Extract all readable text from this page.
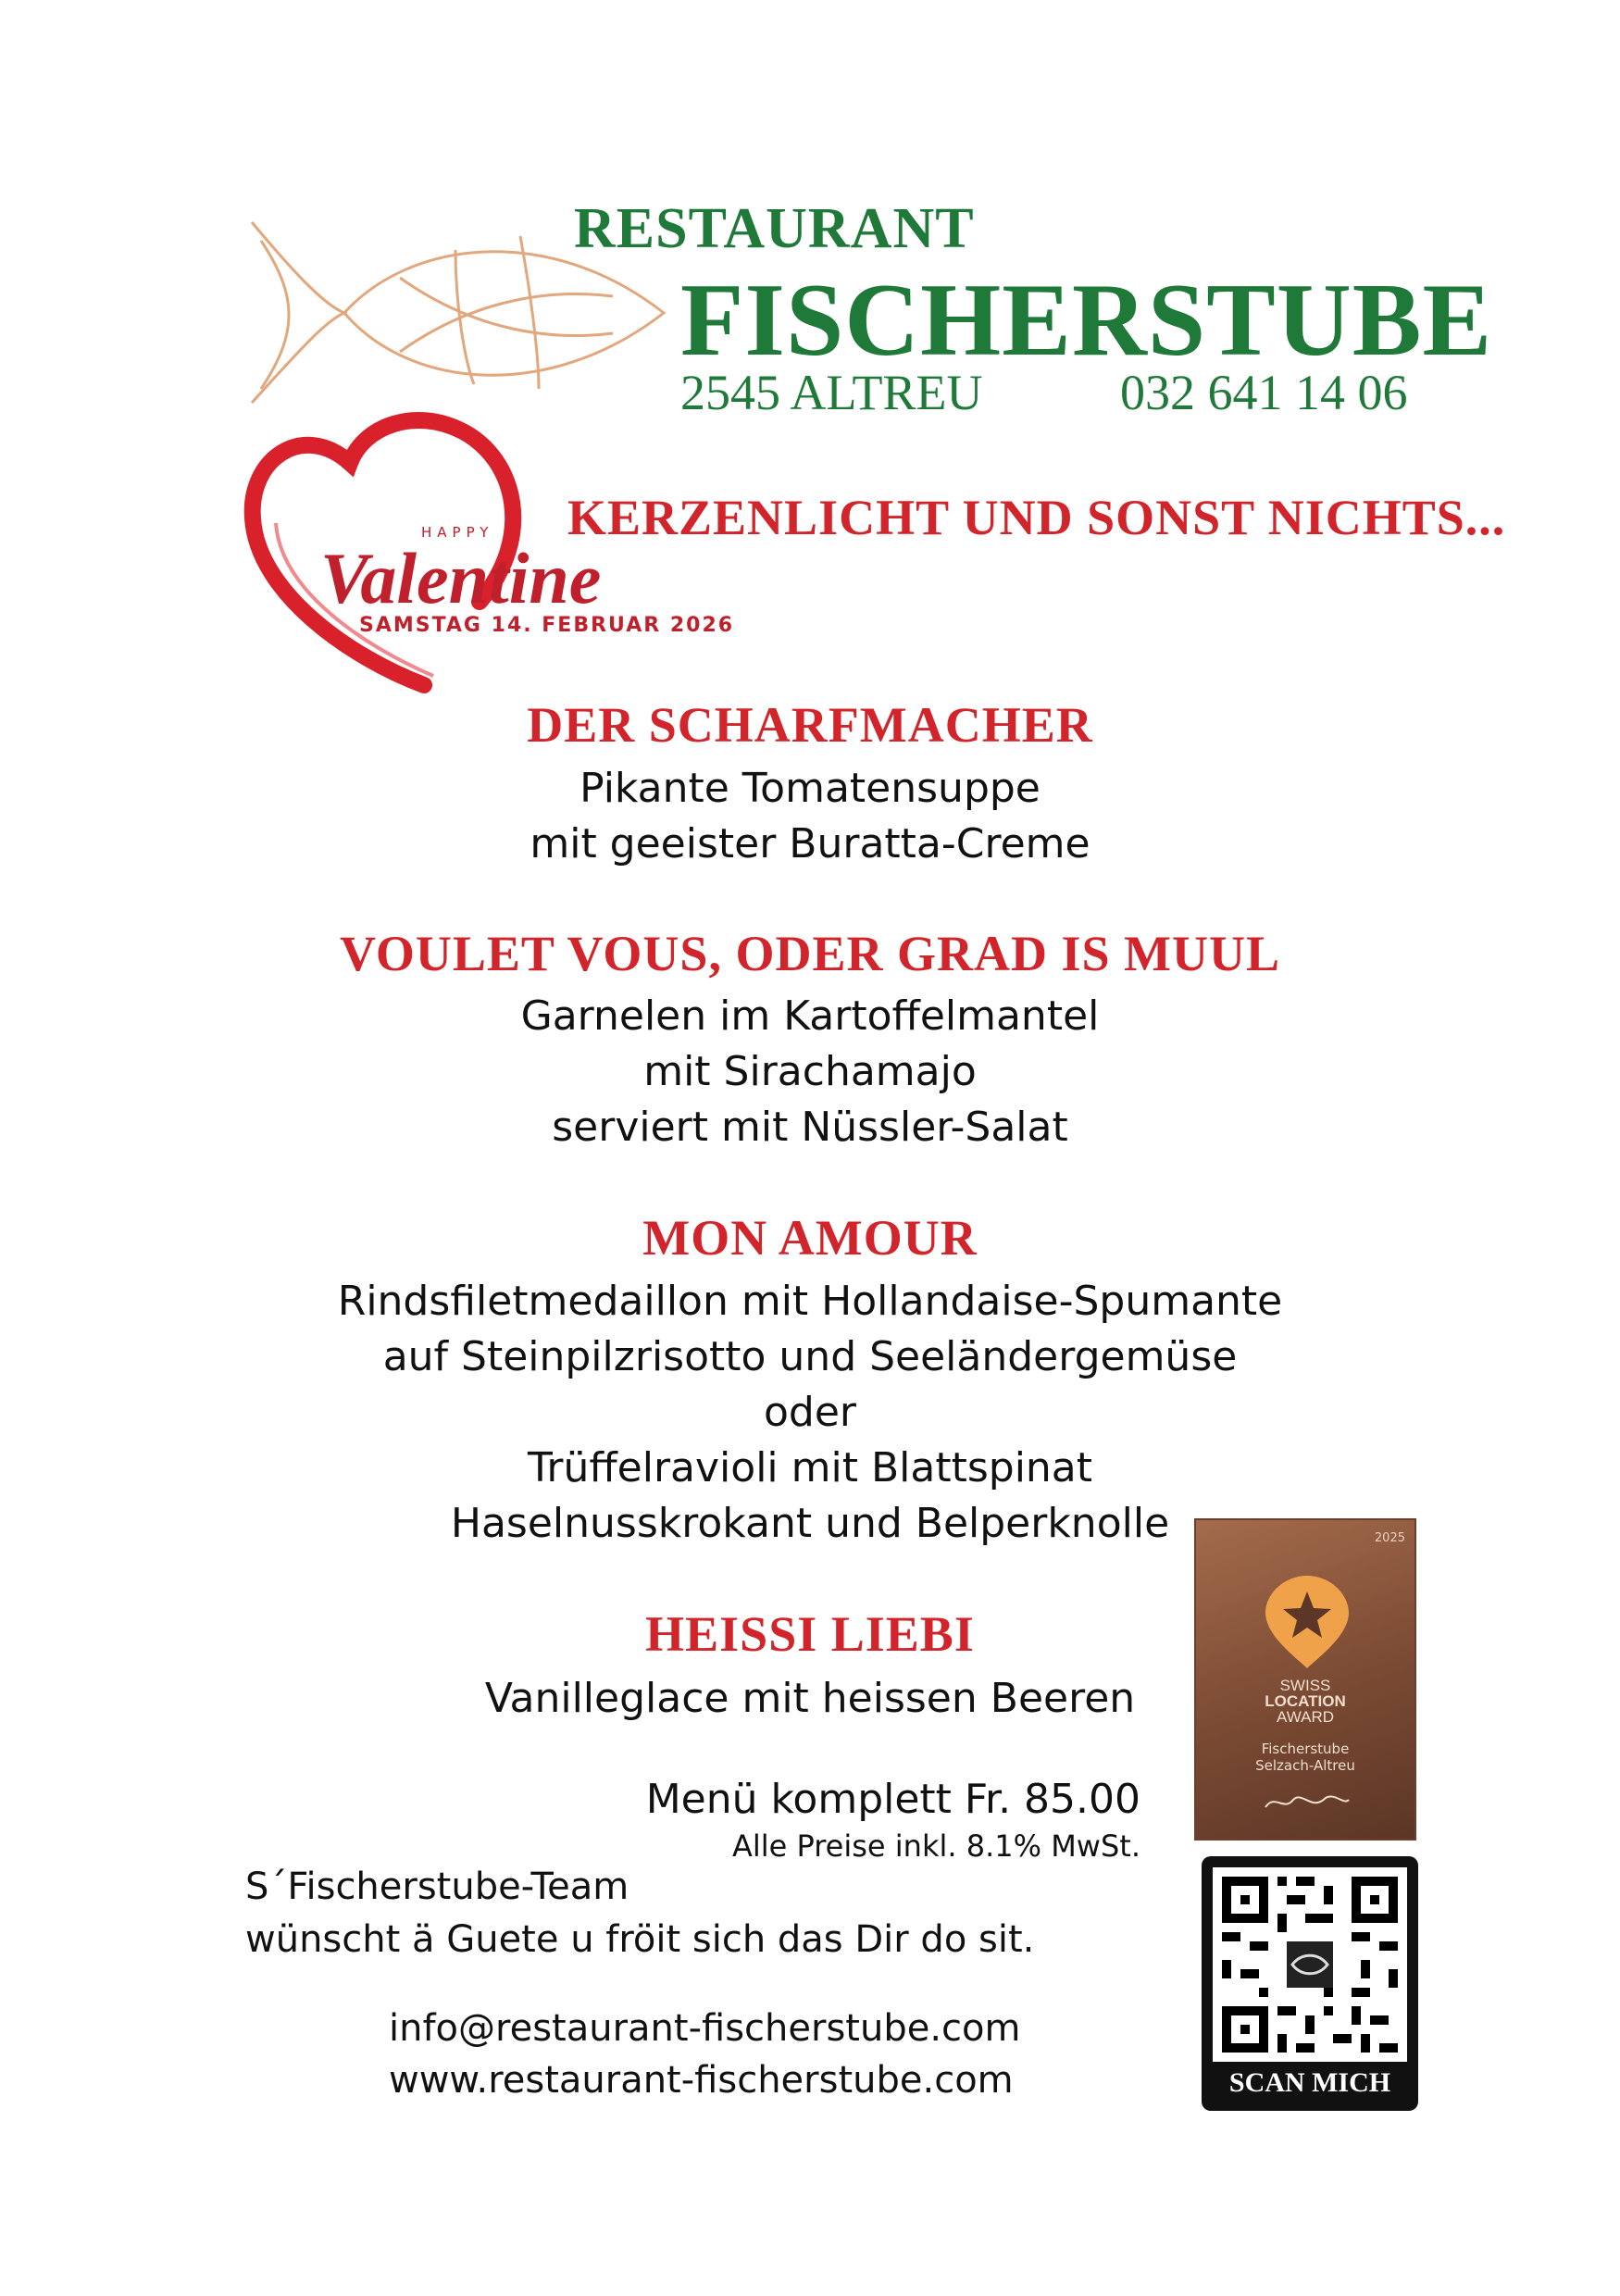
RESTAURANT
FISCHERSTUBE
2545 ALTREU	032 641 14 06
HAPPY
Valentine
SAMSTAG 14. FEBRUAR 2026
KERZENLICHT UND SONST NICHTS...
DER SCHARFMACHER
Pikante Tomatensuppe
mit geeister Buratta-Creme
VOULET VOUS, ODER GRAD IS MUUL
Garnelen im Kartoffelmantel
mit Sirachamajo
serviert mit Nüssler-Salat
MON AMOUR
Rindsfiletmedaillon mit Hollandaise-Spumante
auf Steinpilzrisotto und Seeländergemüse
oder
Trüffelravioli mit Blattspinat
Haselnusskrokant und Belperknolle
HEISSI LIEBI
Vanilleglace mit heissen Beeren
2025
SWISS
LOCATION
AWARD
Fischerstube
Selzach-Altreu
Menü komplett Fr. 85.00
Alle Preise inkl. 8.1% MwSt.
S´Fischerstube-Team
wünscht ä Guete u fröit sich das Dir do sit.
info@restaurant-fischerstube.com
www.restaurant-fischerstube.com	SCAN MICH
